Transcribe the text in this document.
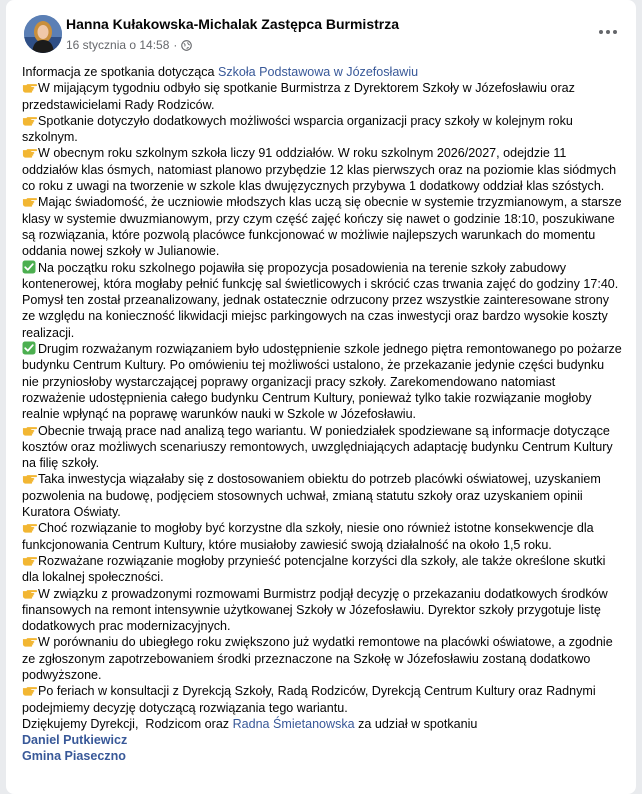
Hanna Kułakowska-Michalak Zastępca Burmistrza
16 stycznia o 14:58 ·

Informacja ze spotkania dotycząca Szkoła Podstawowa w Józefosławiu

W mijającym tygodniu odbyło się spotkanie Burmistrza z Dyrektorem Szkoły w Józefosławiu oraz przedstawicielami Rady Rodziców.

Spotkanie dotyczyło dodatkowych możliwości wsparcia organizacji pracy szkoły w kolejnym roku szkolnym.

W obecnym roku szkolnym szkoła liczy 91 oddziałów. W roku szkolnym 2026/2027, odejdzie 11 oddziałów klas ósmych, natomiast planowo przybędzie 12 klas pierwszych oraz na poziomie klas siódmych co roku z uwagi na tworzenie w szkole klas dwujęzycznych przybywa 1 dodatkowy oddział klas szóstych.

Mając świadomość, że uczniowie młodszych klas uczą się obecnie w systemie trzyzmianowym, a starsze klasy w systemie dwuzmianowym, przy czym część zajęć kończy się nawet o godzinie 18:10, poszukiwane są rozwiązania, które pozwolą placówce funkcjonować w możliwie najlepszych warunkach do momentu oddania nowej szkoły w Julianowie.

Na początku roku szkolnego pojawiła się propozycja posadowienia na terenie szkoły zabudowy kontenerowej, która mogłaby pełnić funkcję sal świetlicowych i skrócić czas trwania zajęć do godziny 17:40. Pomysł ten został przeanalizowany, jednak ostatecznie odrzucony przez wszystkie zainteresowane strony ze względu na konieczność likwidacji miejsc parkingowych na czas inwestycji oraz bardzo wysokie koszty realizacji.

Drugim rozważanym rozwiązaniem było udostępnienie szkole jednego piętra remontowanego po pożarze budynku Centrum Kultury. Po omówieniu tej możliwości ustalono, że przekazanie jedynie części budynku nie przyniosłoby wystarczającej poprawy organizacji pracy szkoły. Zarekomendowano natomiast rozważenie udostępnienia całego budynku Centrum Kultury, ponieważ tylko takie rozwiązanie mogłoby realnie wpłynąć na poprawę warunków nauki w Szkole w Józefosławiu.

Obecnie trwają prace nad analizą tego wariantu. W poniedziałek spodziewane są informacje dotyczące kosztów oraz możliwych scenariuszy remontowych, uwzględniających adaptację budynku Centrum Kultury na filię szkoły.

Taka inwestycja wiązałaby się z dostosowaniem obiektu do potrzeb placówki oświatowej, uzyskaniem pozwolenia na budowę, podjęciem stosownych uchwał, zmianą statutu szkoły oraz uzyskaniem opinii Kuratora Oświaty.

Choć rozwiązanie to mogłoby być korzystne dla szkoły, niesie ono również istotne konsekwencje dla funkcjonowania Centrum Kultury, które musiałoby zawiesić swoją działalność na około 1,5 roku.

Rozważane rozwiązanie mogłoby przynieść potencjalne korzyści dla szkoły, ale także określone skutki dla lokalnej społeczności.

W związku z prowadzonymi rozmowami Burmistrz podjął decyzję o przekazaniu dodatkowych środków finansowych na remont intensywnie użytkowanej Szkoły w Józefosławiu. Dyrektor szkoły przygotuje listę dodatkowych prac modernizacyjnych.

W porównaniu do ubiegłego roku zwiększono już wydatki remontowe na placówki oświatowe, a zgodnie ze zgłoszonym zapotrzebowaniem środki przeznaczone na Szkołę w Józefosławiu zostaną dodatkowo podwyższone.

Po feriach w konsultacji z Dyrekcją Szkoły, Radą Rodziców, Dyrekcją Centrum Kultury oraz Radnymi podejmiemy decyzję dotyczącą rozwiązania tego wariantu.

Dziękujemy Dyrekcji,  Rodzicom oraz Radna Śmietanowska za udział w spotkaniu

Daniel Putkiewicz

Gmina Piaseczno
